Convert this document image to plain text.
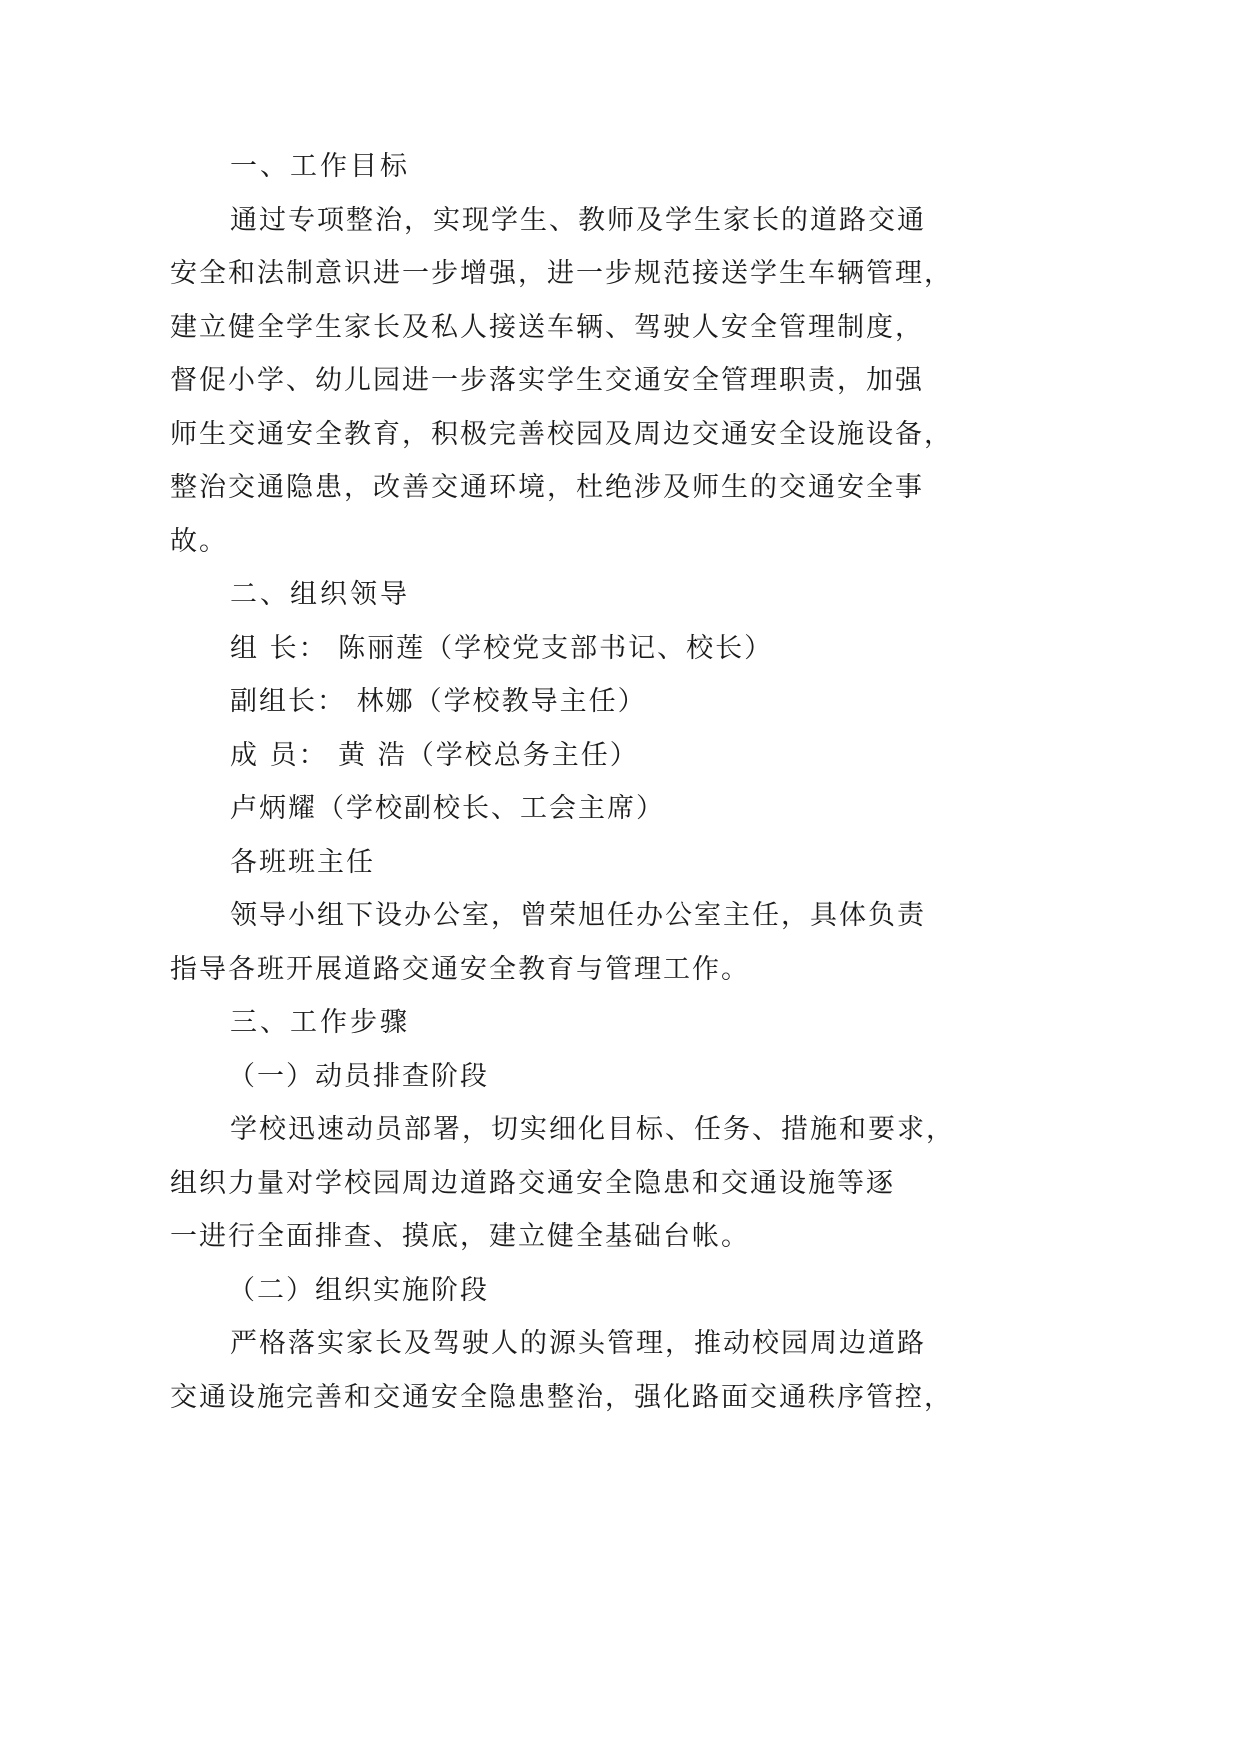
一、工作目标
通过专项整治，实现学生、教师及学生家长的道路交通
安全和法制意识进一步增强，进一步规范接送学生车辆管理，
建立健全学生家长及私人接送车辆、驾驶人安全管理制度，
督促小学、幼儿园进一步落实学生交通安全管理职责，加强
师生交通安全教育，积极完善校园及周边交通安全设施设备，
整治交通隐患，改善交通环境，杜绝涉及师生的交通安全事
故。
二、组织领导
组 长： 陈丽莲（学校党支部书记、校长）
副组长： 林娜（学校教导主任）
成 员： 黄 浩（学校总务主任）
卢炳耀（学校副校长、工会主席）
各班班主任
领导小组下设办公室，曾荣旭任办公室主任，具体负责
指导各班开展道路交通安全教育与管理工作。
三、工作步骤
（一）动员排查阶段
学校迅速动员部署，切实细化目标、任务、措施和要求，
组织力量对学校园周边道路交通安全隐患和交通设施等逐
一进行全面排查、摸底，建立健全基础台帐。
（二）组织实施阶段
严格落实家长及驾驶人的源头管理，推动校园周边道路
交通设施完善和交通安全隐患整治，强化路面交通秩序管控，
